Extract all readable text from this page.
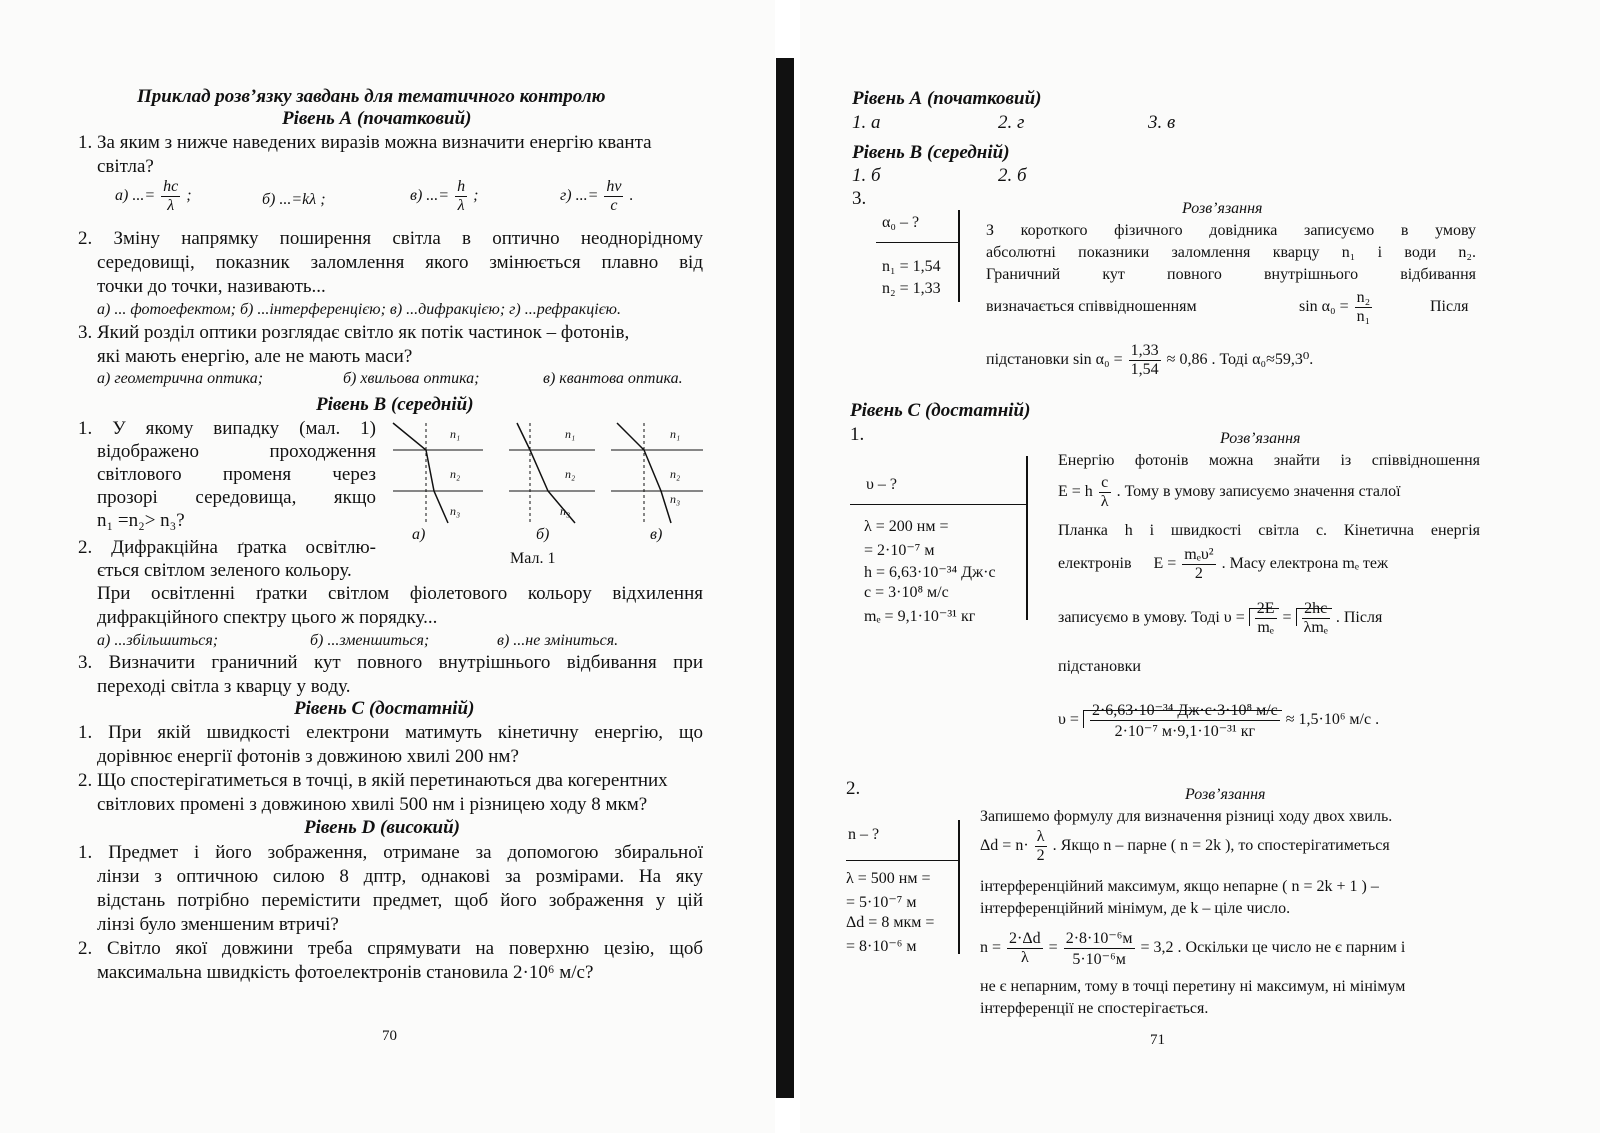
Приклад розв’язку завдань для тематичного контролю
Рівень А (початковий)
1. За яким з нижче наведених виразів можна визначити енергію кванта
світла?
а) ...= $\frac{hc}{\lambda}$ ;	б) ...=kλ ;	в) ...= $\frac{h}{\lambda}$ ;	г) ...= $\frac{h\nu}{c}$ .
2. Зміну напрямку поширення світла в оптично неоднорідному
середовищі, показник заломлення якого змінюється плавно від
точки до точки, називають...
а) ... фотоефектом; б) ...інтерференцією; в) ...дифракцією; г) ...рефракцією.
3. Який розділ оптики розглядає світло як потік частинок – фотонів,
які мають енергію, але не мають маси?
а) геометрична оптика;	б) хвильова оптика;	в) квантова оптика.
Рівень В (середній)
1. У якому випадку (мал. 1)
відображено проходження
світлового променя через
прозорі середовища, якщо
n₁ =n₂> n₃?
n₁
n₂
n₃
n₁
n₂
n₃
n₁
n₂
n₃
а)	б)	в)
Мал. 1
2. Дифракційна ґратка освітлю-
ється світлом зеленого кольору.
При освітленні ґратки світлом фіолетового кольору відхилення
дифракційного спектру цього ж порядку...
а) ...збільшиться;	б) ...зменшиться;	в) ...не зміниться.
3. Визначити граничний кут повного внутрішнього відбивання при
переході світла з кварцу у воду.
Рівень С (достатній)
1. При якій швидкості електрони матимуть кінетичну енергію, що
дорівнює енергії фотонів з довжиною хвилі 200 нм?
2. Що спостерігатиметься в точці, в якій перетинаються два когерентних
світлових промені з довжиною хвилі 500 нм і різницею ходу 8 мкм?
Рівень D (високий)
1. Предмет і його зображення, отримане за допомогою збиральної
лінзи з оптичною силою 8 дптр, однакові за розмірами. На яку
відстань потрібно перемістити предмет, щоб його зображення у цій
лінзі було зменшеним втричі?
2. Світло якої довжини треба спрямувати на поверхню цезію, щоб
максимальна швидкість фотоелектронів становила 2·10⁶ м/с?
70
Рівень А (початковий)
1. а	2. г	3. в
Рівень В (середній)
1. б	2. б
3.
α₀ – ?
n₁ = 1,54
n₂ = 1,33
Розв’язання
З короткого фізичного довідника записуємо в умову
абсолютні показники заломлення кварцу n₁ і води n₂.
Граничний кут повного внутрішнього відбивання
визначається співвідношенням	$\sin \alpha_0 = \frac{\text{n₂}}{\text{n₁}}$	Після
підстановки $\sin \alpha_0 = \frac{1,33}{1,54} \approx 0,86$ . Тоді α₀≈59,3⁰.
Рівень С (достатній)
1.
υ – ?
λ = 200 нм =
= 2·10⁻⁷ м
h = 6,63·10⁻³⁴ Дж·с
c = 3·10⁸ м/с
mₑ = 9,1·10⁻³¹ кг
Розв’язання
Енергію фотонів можна знайти із співвідношення
E = h $\frac{c}{\lambda}$ . Тому в умову записуємо значення сталої
Планка h і швидкості світла c. Кінетична енергія
електронів $E = \frac{\text{mₑυ²}}{2}$ . Масу електрона mₑ теж
записуємо в умову. Тоді $\upsilon = \frac{2E}{\text{mₑ}} = \frac{2hc}{\text{λmₑ}}$ . Після
підстановки
$\upsilon = \frac{\text{2·6,63·10⁻³⁴ Дж·с·3·10⁸ м/с}}{\text{2·10⁻⁷ м·9,1·10⁻³¹ кг}} \approx 1,5\cdot 10^6$ м/с .
2.
n – ?
λ = 500 нм =
= 5·10⁻⁷ м
Δd = 8 мкм =
= 8·10⁻⁶ м
Розв’язання
Запишемо формулу для визначення різниці ходу двох хвиль.
$\Delta d = n\cdot \frac{\lambda}{2}$ . Якщо n – парне ( n = 2k ), то спостерігатиметься
інтерференційний максимум, якщо непарне ( n = 2k + 1 ) –
інтерференційний мінімум, де k – ціле число.
$n = \frac{2\cdot\Delta d}{\lambda} = \frac{\text{2·8·10⁻⁶м}}{\text{5·10⁻⁶м}} = 3,2$ . Оскільки це число не є парним і
не є непарним, тому в точці перетину ні максимум, ні мінімум
інтерференції не спостерігається.
71
